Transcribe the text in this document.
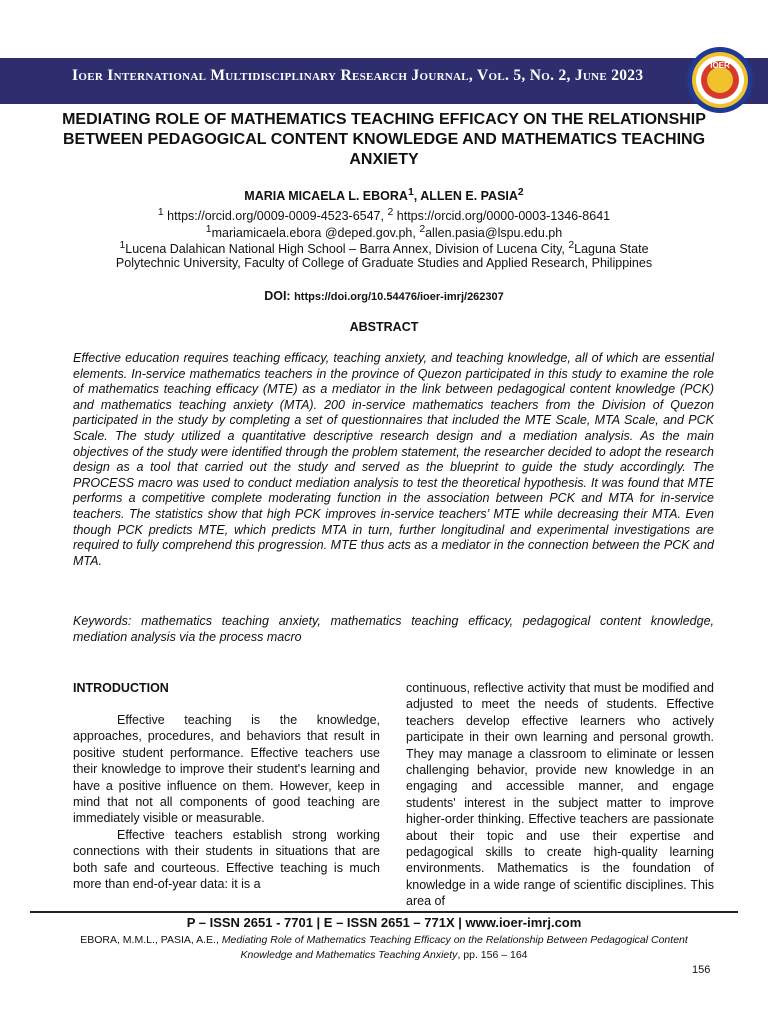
Ioer International Multidisciplinary Research Journal, Vol. 5, No. 2, June 2023
IOER
MEDIATING ROLE OF MATHEMATICS TEACHING EFFICACY ON THE RELATIONSHIP BETWEEN PEDAGOGICAL CONTENT KNOWLEDGE AND MATHEMATICS TEACHING ANXIETY
MARIA MICAELA L. EBORA$^1$, ALLEN E. PASIA$^2$
$^1$ https://orcid.org/0009-0009-4523-6547, $^2$ https://orcid.org/0000-0003-1346-8641
$^1$mariamicaela.ebora @deped.gov.ph, $^2$allen.pasia@lspu.edu.ph
$^1$Lucena Dalahican National High School – Barra Annex, Division of Lucena City, $^2$Laguna State
Polytechnic University, Faculty of College of Graduate Studies and Applied Research, Philippines
DOI: https://doi.org/10.54476/ioer-imrj/262307
ABSTRACT
Effective education requires teaching efficacy, teaching anxiety, and teaching knowledge, all of which are essential elements. In-service mathematics teachers in the province of Quezon participated in this study to examine the role of mathematics teaching efficacy (MTE) as a mediator in the link between pedagogical content knowledge (PCK) and mathematics teaching anxiety (MTA). 200 in-service mathematics teachers from the Division of Quezon participated in the study by completing a set of questionnaires that included the MTE Scale, MTA Scale, and PCK Scale. The study utilized a quantitative descriptive research design and a mediation analysis. As the main objectives of the study were identified through the problem statement, the researcher decided to adopt the research design as a tool that carried out the study and served as the blueprint to guide the study accordingly. The PROCESS macro was used to conduct mediation analysis to test the theoretical hypothesis. It was found that MTE performs a competitive complete moderating function in the association between PCK and MTA for in-service teachers. The statistics show that high PCK improves in-service teachers’ MTE while decreasing their MTA. Even though PCK predicts MTE, which predicts MTA in turn, further longitudinal and experimental investigations are required to fully comprehend this progression. MTE thus acts as a mediator in the connection between the PCK and MTA.
Keywords: mathematics teaching anxiety, mathematics teaching efficacy, pedagogical content knowledge, mediation analysis via the process macro
INTRODUCTION

Effective teaching is the knowledge, approaches, procedures, and behaviors that result in positive student performance. Effective teachers use their knowledge to improve their student's learning and have a positive influence on them. However, keep in mind that not all components of good teaching are immediately visible or measurable.

Effective teachers establish strong working connections with their students in situations that are both safe and courteous. Effective teaching is much more than end-of-year data: it is a

continuous, reflective activity that must be modified and adjusted to meet the needs of students. Effective teachers develop effective learners who actively participate in their own learning and personal growth. They may manage a classroom to eliminate or lessen challenging behavior, provide new knowledge in an engaging and accessible manner, and engage students' interest in the subject matter to improve higher-order thinking. Effective teachers are passionate about their topic and use their expertise and pedagogical skills to create high-quality learning environments. Mathematics is the foundation of knowledge in a wide range of scientific disciplines. This area of

P – ISSN 2651 - 7701 | E – ISSN 2651 – 771X | www.ioer-imrj.com
EBORA, M.M.L., PASIA, A.E., Mediating Role of Mathematics Teaching Efficacy on the Relationship Between Pedagogical Content Knowledge and Mathematics Teaching Anxiety, pp. 156 – 164
156
